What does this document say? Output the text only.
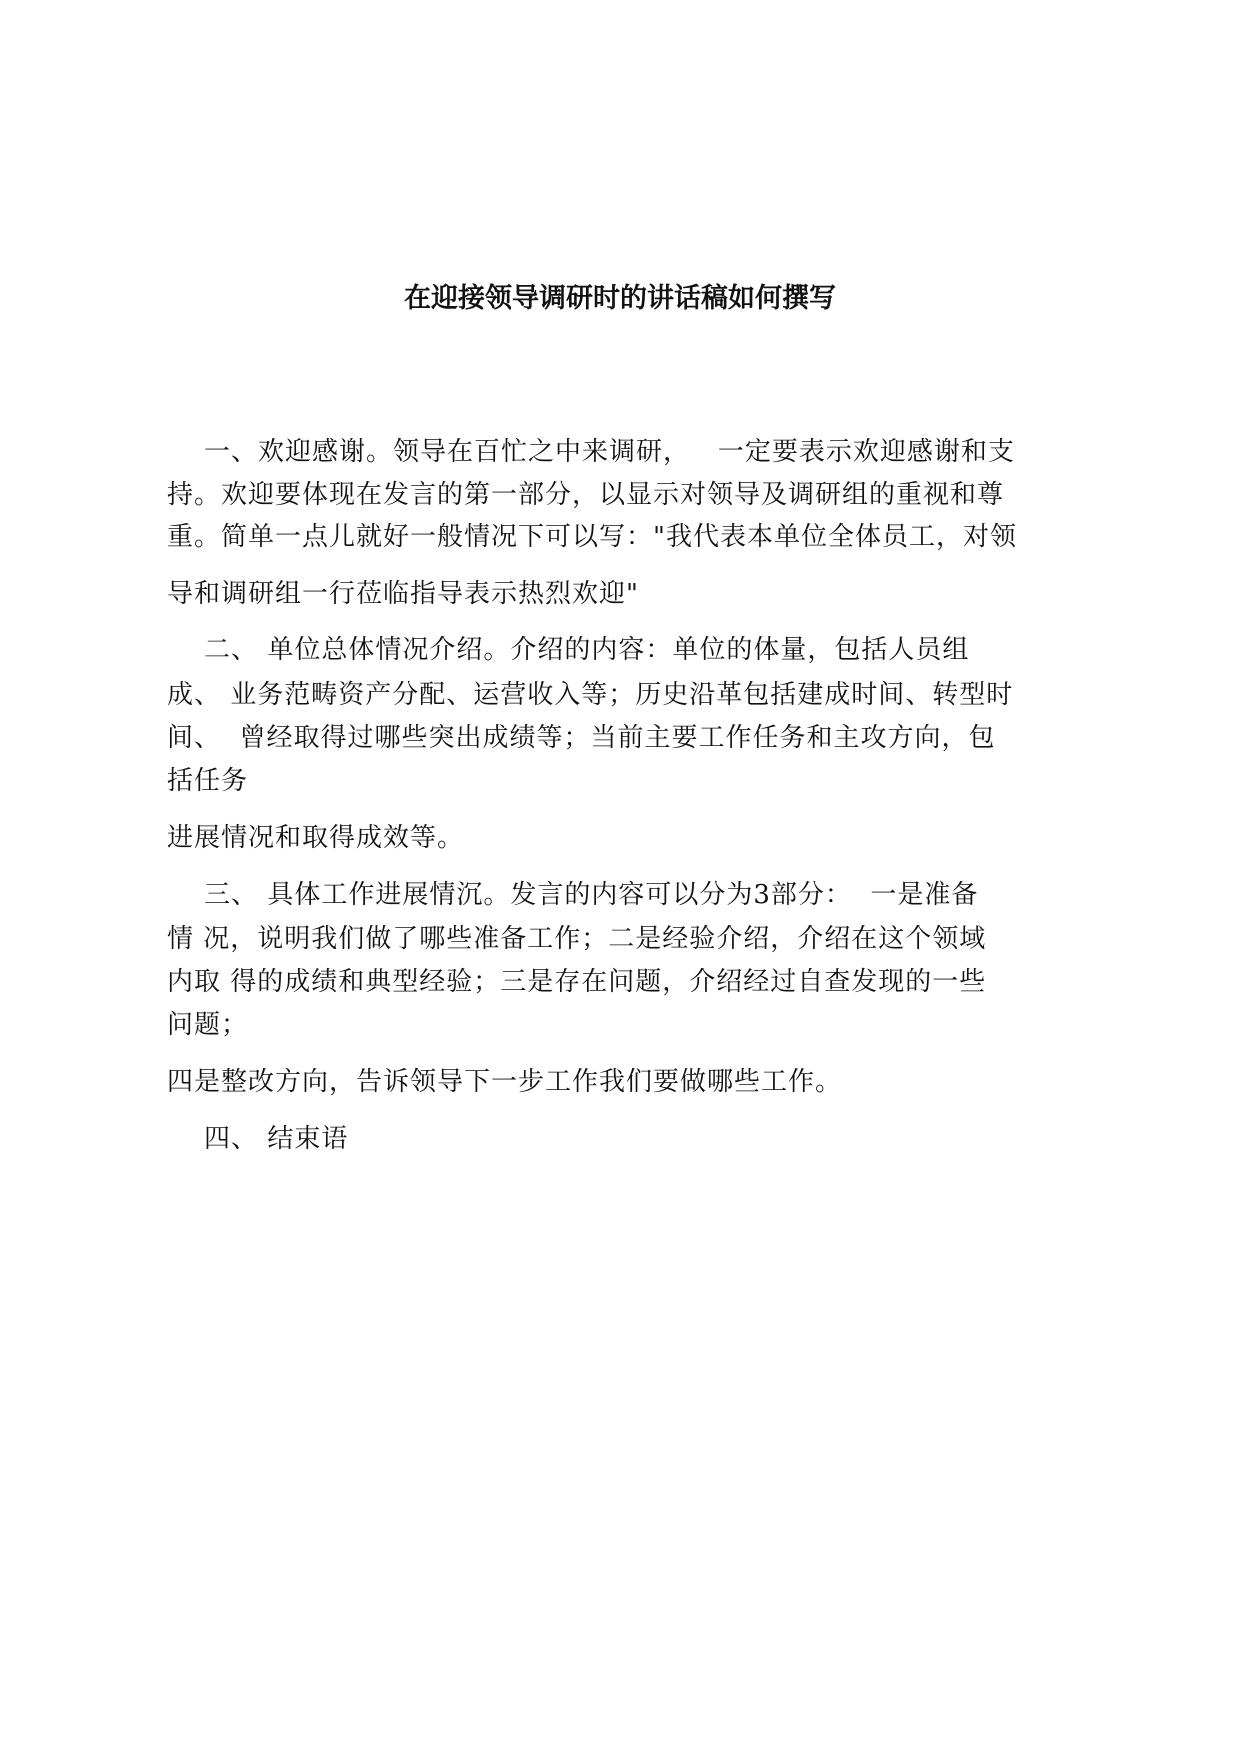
在迎接领导调研时的讲话稿如何撰写
一、欢迎感谢。领导在百忙之中来调研，   一定要表示欢迎感谢和支
持。欢迎要体现在发言的第一部分，以显示对领导及调研组的重视和尊
重。简单一点儿就好一般情况下可以写："我代表本单位全体员工，对领
导和调研组一行莅临指导表示热烈欢迎"
二、 单位总体情况介绍。介绍的内容：单位的体量，包括人员组
成、 业务范畴资产分配、运营收入等；历史沿革包括建成时间、转型时
间、  曾经取得过哪些突出成绩等；当前主要工作任务和主攻方向，包
括任务
进展情况和取得成效等。
三、 具体工作进展情沉。发言的内容可以分为3部分：  一是准备
情 况，说明我们做了哪些准备工作；二是经验介绍，介绍在这个领域
内取 得的成绩和典型经验；三是存在问题，介绍经过自查发现的一些
问题；
四是整改方向，告诉领导下一步工作我们要做哪些工作。
四、 结束语
